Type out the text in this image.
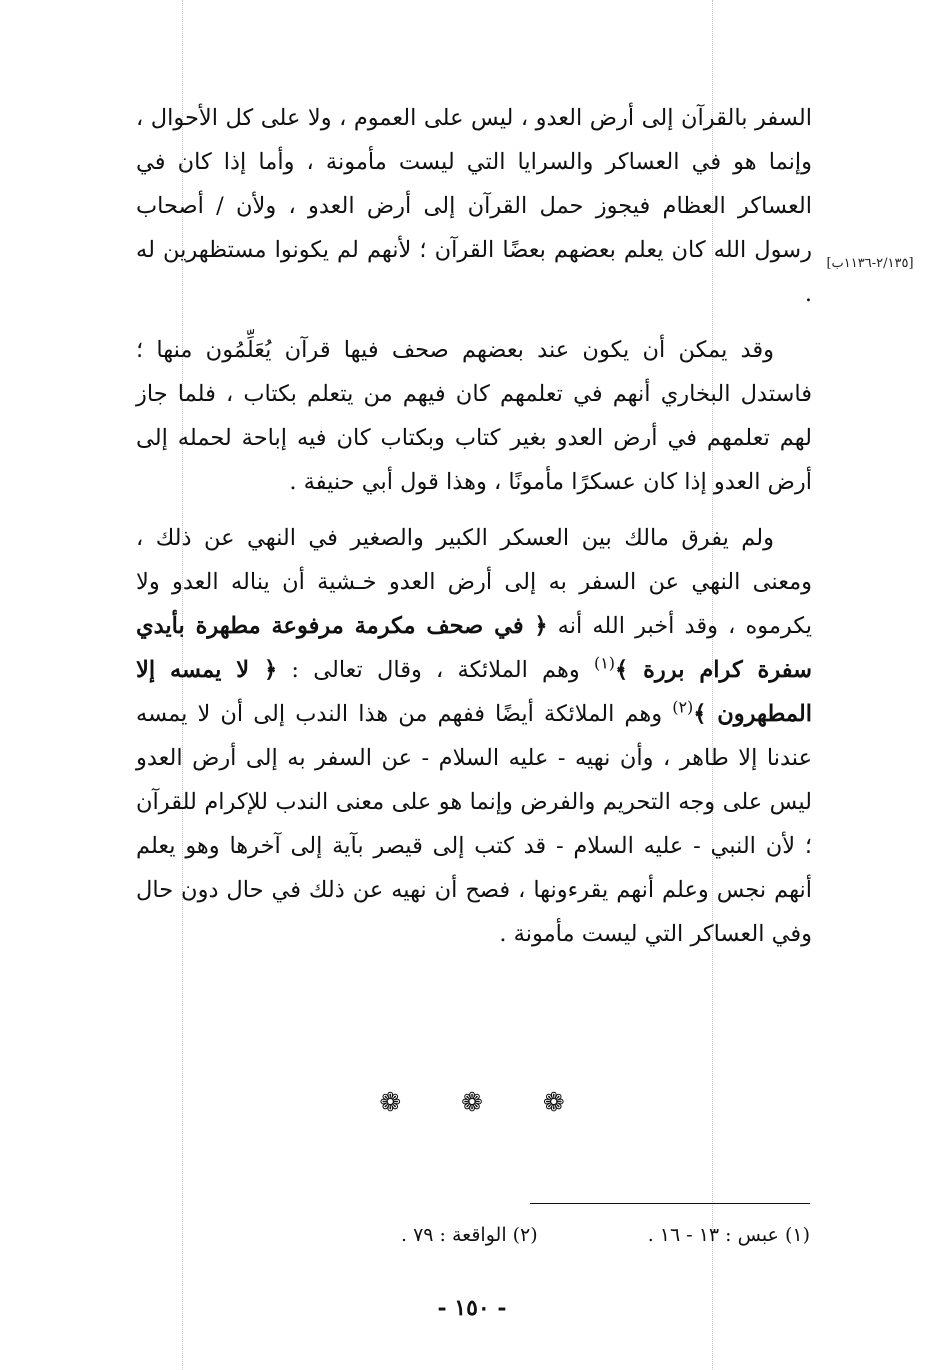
[٢/١٣٥-١١٣٦ب]

السفر بالقرآن إلى أرض العدو ، ليس على العموم ، ولا على كل الأحوال ، وإنما هو في العساكر والسرايا التي ليست مأمونة ، وأما إذا كان في العساكر العظام فيجوز حمل القرآن إلى أرض العدو ، ولأن / أصحاب رسول الله كان يعلم بعضهم بعضًا القرآن ؛ لأنهم لم يكونوا مستظهرين له .

وقد يمكن أن يكون عند بعضهم صحف فيها قرآن يُعَلِّمُون منها ؛ فاستدل البخاري أنهم في تعلمهم كان فيهم من يتعلم بكتاب ، فلما جاز لهم تعلمهم في أرض العدو بغير كتاب وبكتاب كان فيه إباحة لحمله إلى أرض العدو إذا كان عسكرًا مأمونًا ، وهذا قول أبي حنيفة .

ولم يفرق مالك بين العسكر الكبير والصغير في النهي عن ذلك ، ومعنى النهي عن السفر به إلى أرض العدو خـشية أن يناله العدو ولا يكرموه ، وقد أخبر الله أنه ﴿ في صحف مكرمة مرفوعة مطهرة بأيدي سفرة كرام بررة ﴾$^{(١)}$ وهم الملائكة ، وقال تعالى : ﴿ لا يمسه إلا المطهرون ﴾$^{(٢)}$ وهم الملائكة أيضًا ففهم من هذا الندب إلى أن لا يمسه عندنا إلا طاهر ، وأن نهيه - عليه السلام - عن السفر به إلى أرض العدو ليس على وجه التحريم والفرض وإنما هو على معنى الندب للإكرام للقرآن ؛ لأن النبي - عليه السلام - قد كتب إلى قيصر بآية إلى آخرها وهو يعلم أنهم نجس وعلم أنهم يقرءونها ، فصح أن نهيه عن ذلك في حال دون حال وفي العساكر التي ليست مأمونة .

❁
❁
❁
(١) عبس : ١٣ - ١٦ .
(٢) الواقعة : ٧٩ .
- ١٥٠ -
